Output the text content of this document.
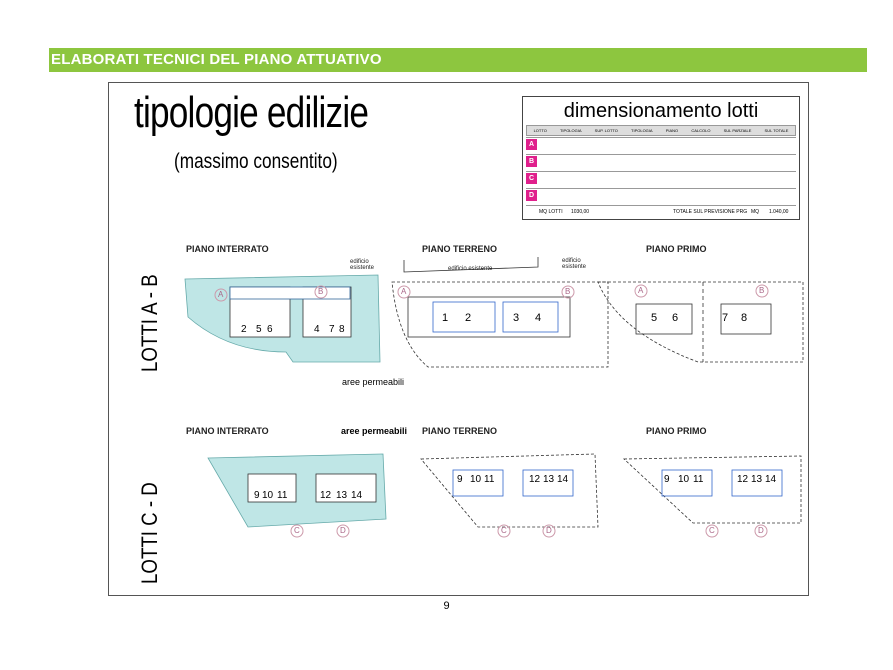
ELABORATI TECNICI DEL PIANO ATTUATIVO
tipologie edilizie
(massimo consentito)
dimensionamento lotti
LOTTO	TIPOLOGIA	SUP. LOTTO	TIPOLOGIA	PIANO	CALCOLO	SUL PARZIALE	SUL TOTALE
A
B
C
D
MQ LOTTI 1030,00	TOTALE SUL PREVISIONE PRG MQ 1.040,00
LOTTI A - B
LOTTI C - D
PIANO INTERRATO	PIANO TERRENO	PIANO PRIMO
edificio esistente	edificio esistente
edificio esistente
aree permeabili
PIANO INTERRATO	PIANO TERRENO	PIANO PRIMO
aree permeabili
A	B	A	B	A	B
C	D	C	D	C	D
2 5 6	4 7 8
1 2	3 4	5 6	7 8
9 10 11	12 13 14
9 10 11	12 13 14	9 10 11	12 13 14
9
